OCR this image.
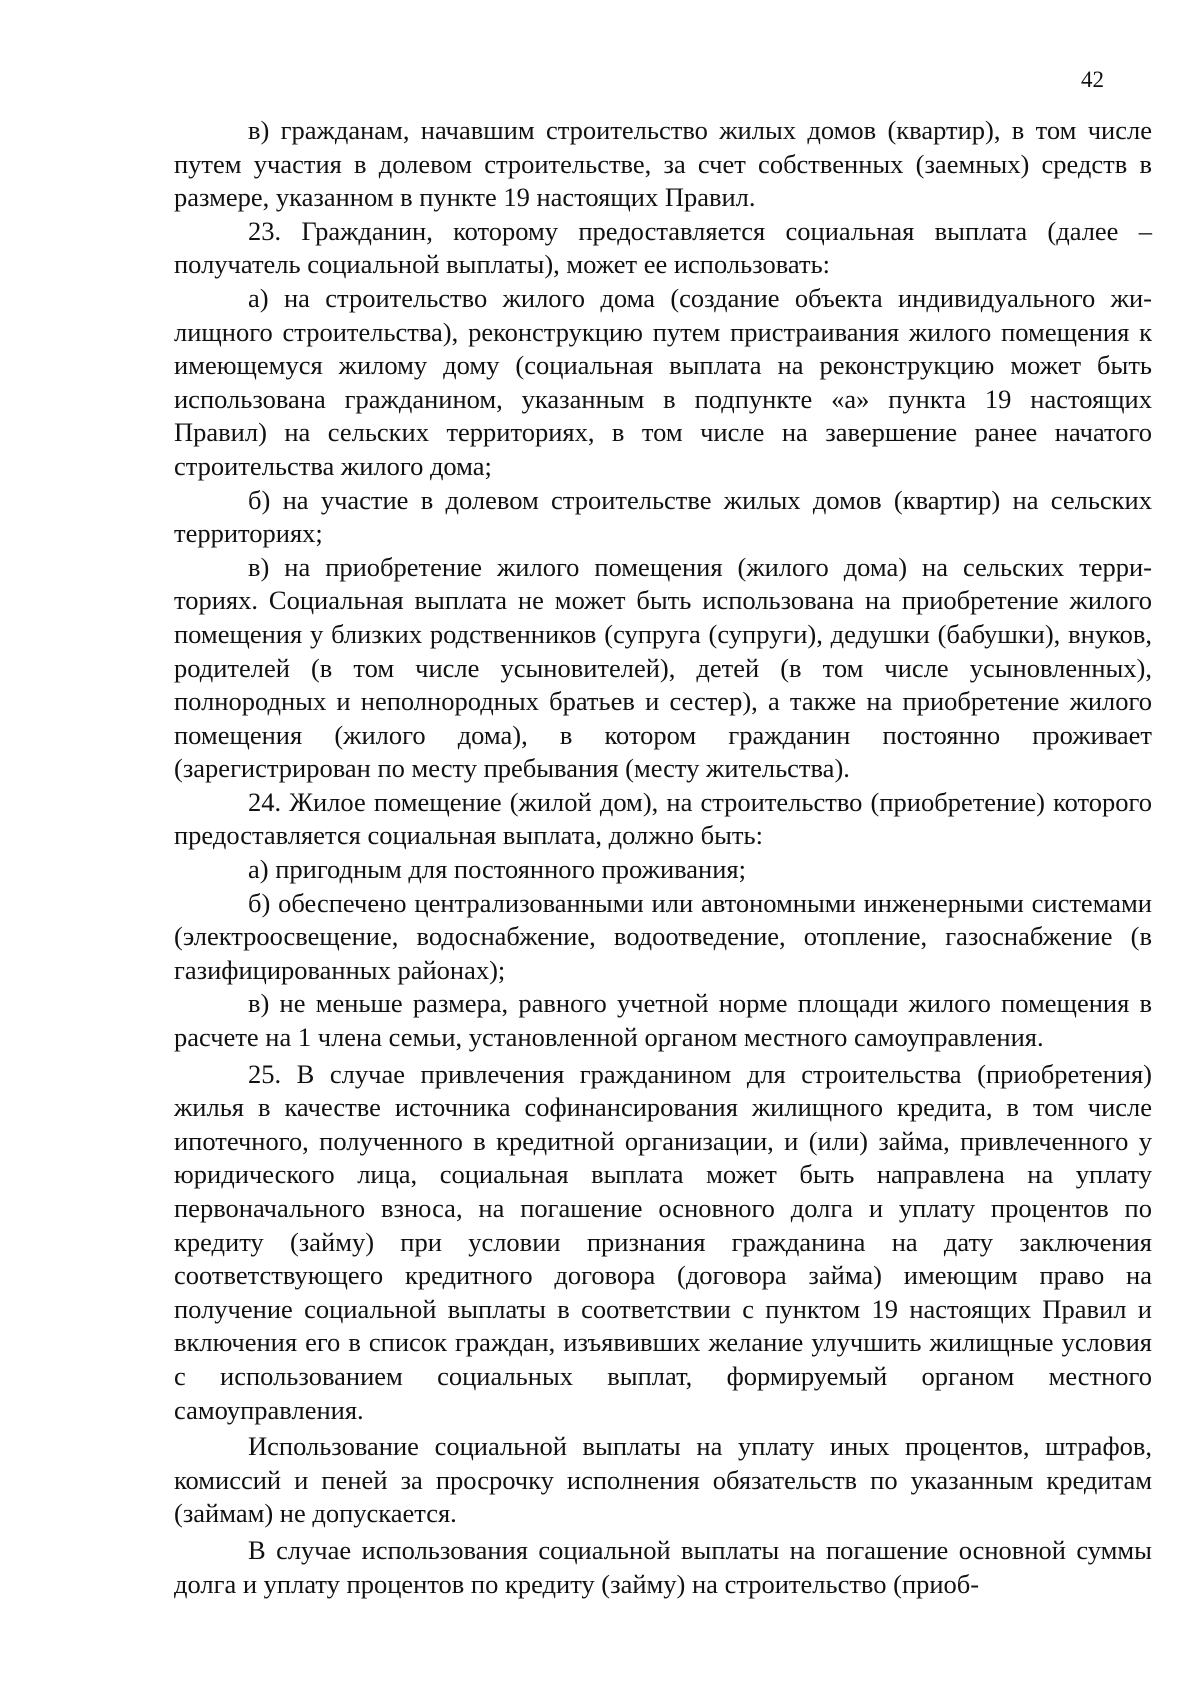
42

в) гражданам, начавшим строительство жилых домов (квартир), в том числе путем участия в долевом строительстве, за счет собственных (заемных) средств в размере, указанном в пункте 19 настоящих Правил.

23. Гражданин, которому предоставляется социальная выплата (далее – получатель социальной выплаты), может ее использовать:

а) на строительство жилого дома (создание объекта индивидуального жилищного строительства), реконструкцию путем пристраивания жилого помещения к имеющемуся жилому дому (социальная выплата на реконструкцию может быть использована гражданином, указанным в подпункте «а» пункта 19 настоящих Правил) на сельских территориях, в том числе на завершение ранее начатого строительства жилого дома;

б) на участие в долевом строительстве жилых домов (квартир) на сельских территориях;

в) на приобретение жилого помещения (жилого дома) на сельских территориях. Социальная выплата не может быть использована на приобретение жилого помещения у близких родственников (супруга (супруги), дедушки (бабушки), внуков, родителей (в том числе усыновителей), детей (в том числе усыновленных), полнородных и неполнородных братьев и сестер), а также на приобретение жилого помещения (жилого дома), в котором гражданин постоянно проживает (зарегистрирован по месту пребывания (месту жительства).

24. Жилое помещение (жилой дом), на строительство (приобретение) которого предоставляется социальная выплата, должно быть:

а) пригодным для постоянного проживания;

б) обеспечено централизованными или автономными инженерными системами (электроосвещение, водоснабжение, водоотведение, отопление, газоснабжение (в газифицированных районах);

в) не меньше размера, равного учетной норме площади жилого помещения в расчете на 1 члена семьи, установленной органом местного самоуправления.

25. В случае привлечения гражданином для строительства (приобретения) жилья в качестве источника софинансирования жилищного кредита, в том числе ипотечного, полученного в кредитной организации, и (или) займа, привлеченного у юридического лица, социальная выплата может быть направлена на уплату первоначального взноса, на погашение основного долга и уплату процентов по кредиту (займу) при условии признания гражданина на дату заключения соответствующего кредитного договора (договора займа) имеющим право на получение социальной выплаты в соответствии с пунктом 19 настоящих Правил и включения его в список граждан, изъявивших желание улучшить жилищные условия с использованием социальных выплат, формируемый органом местного самоуправления.

Использование социальной выплаты на уплату иных процентов, штрафов, комиссий и пеней за просрочку исполнения обязательств по указанным кредитам (займам) не допускается.

В случае использования социальной выплаты на погашение основной суммы долга и уплату процентов по кредиту (займу) на строительство (приоб-
